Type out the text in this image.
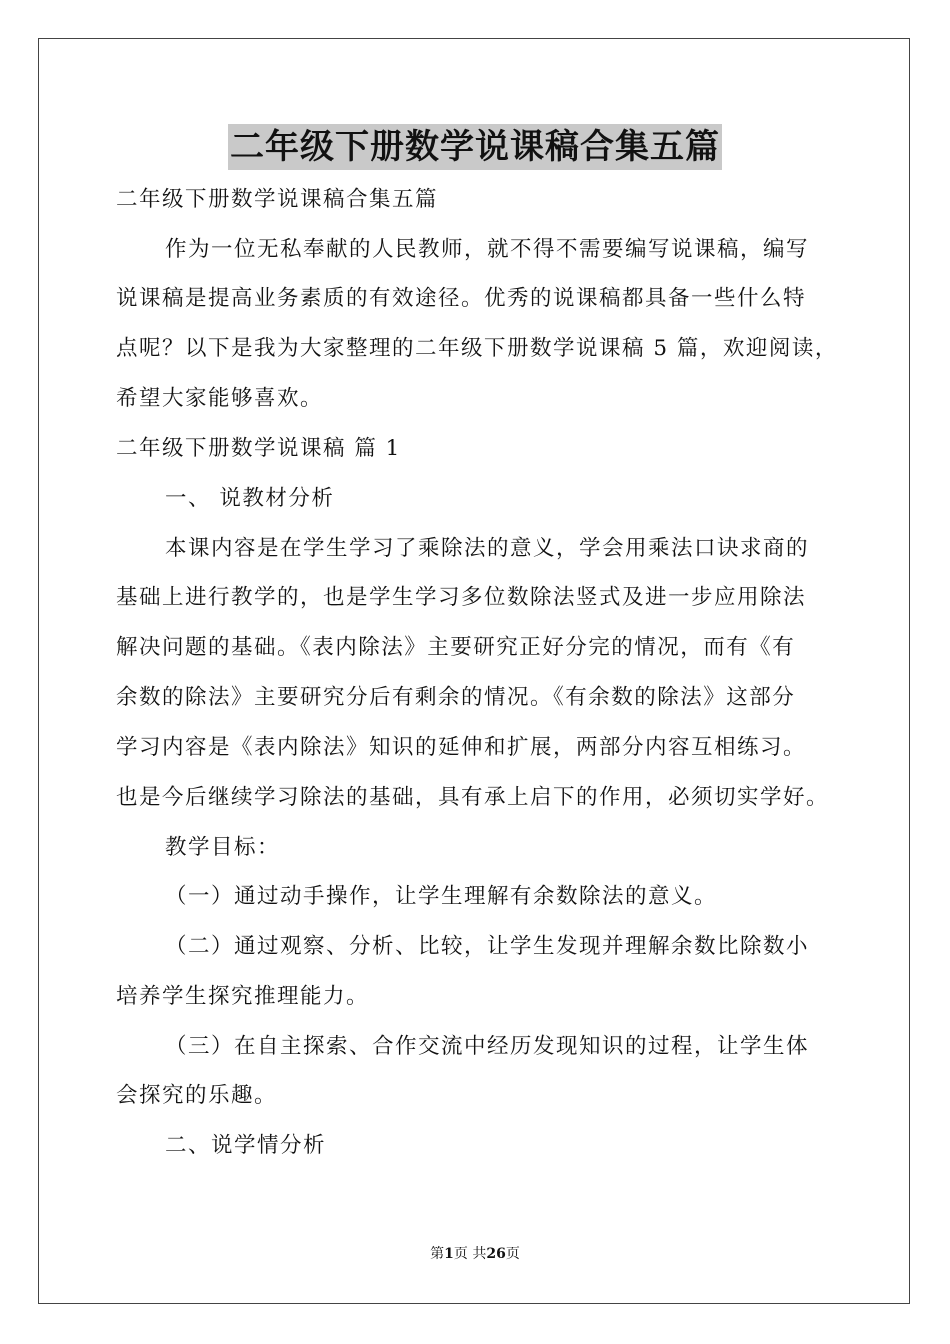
二年级下册数学说课稿合集五篇
二年级下册数学说课稿合集五篇
作为一位无私奉献的人民教师，就不得不需要编写说课稿，编写
说课稿是提高业务素质的有效途径。优秀的说课稿都具备一些什么特
点呢？以下是我为大家整理的二年级下册数学说课稿 5 篇，欢迎阅读，
希望大家能够喜欢。
二年级下册数学说课稿 篇 1
一、 说教材分析
本课内容是在学生学习了乘除法的意义，学会用乘法口诀求商的
基础上进行教学的，也是学生学习多位数除法竖式及进一步应用除法
解决问题的基础。《表内除法》主要研究正好分完的情况，而有《有
余数的除法》主要研究分后有剩余的情况。《有余数的除法》这部分
学习内容是《表内除法》知识的延伸和扩展，两部分内容互相练习。
也是今后继续学习除法的基础，具有承上启下的作用，必须切实学好。
教学目标：
（一）通过动手操作，让学生理解有余数除法的意义。
（二）通过观察、分析、比较，让学生发现并理解余数比除数小
培养学生探究推理能力。
（三）在自主探索、合作交流中经历发现知识的过程，让学生体
会探究的乐趣。
二、说学情分析
第1页 共26页
